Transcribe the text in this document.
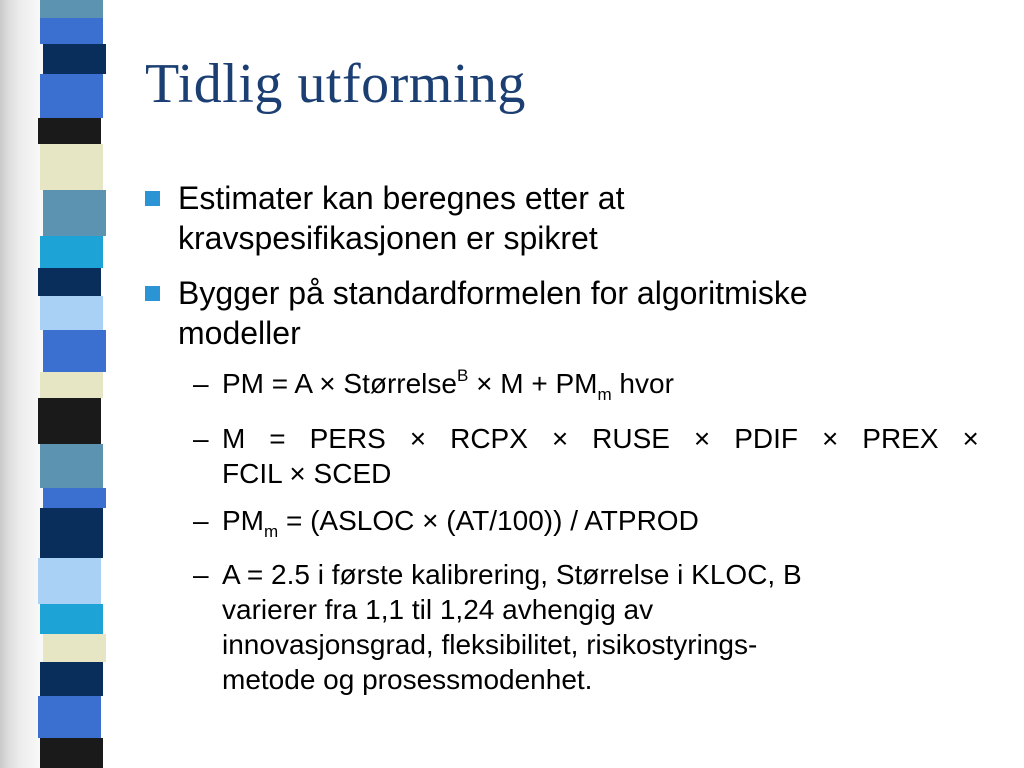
Tidlig utforming
Estimater kan beregnes etter at
kravspesifikasjonen er spikret
Bygger på standardformelen for algoritmiske
modeller
– PM = A × Størrelse$^B$ × $M + PM_m$ hvor
– M = PERS × RCPX × RUSE × PDIF × PREX ×
FCIL × SCED
– $PM_m$ = (ASLOC × (AT/100)) / ATPROD
– A = 2.5 i første kalibrering, Størrelse i KLOC, B
varierer fra 1,1 til 1,24 avhengig av
innovasjonsgrad, fleksibilitet, risikostyrings-
metode og prosessmodenhet.
